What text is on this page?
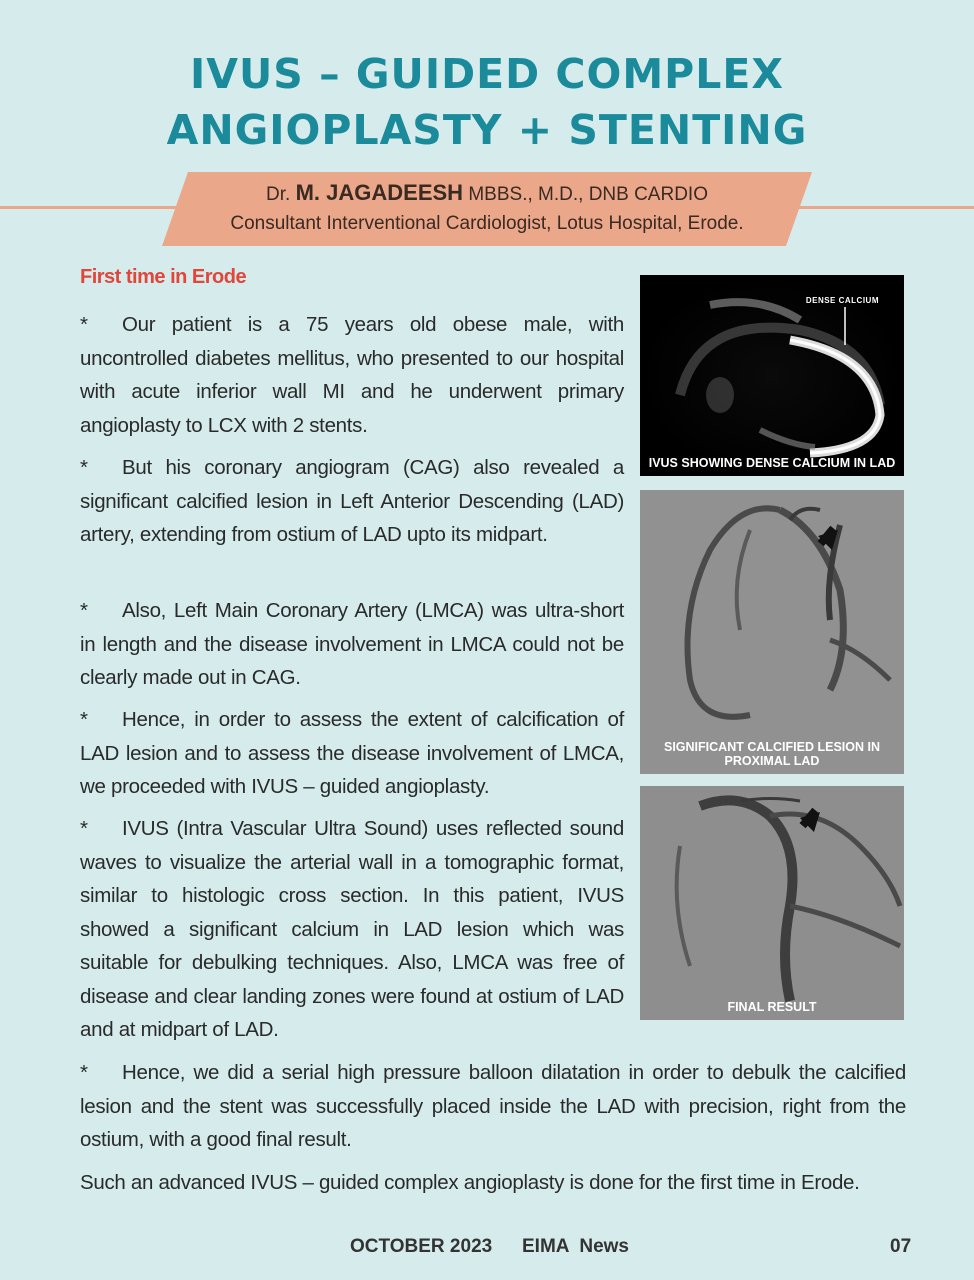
IVUS – GUIDED COMPLEX
ANGIOPLASTY + STENTING
Dr. M. JAGADEESH MBBS., M.D., DNB CARDIO
Consultant Interventional Cardiologist, Lotus Hospital, Erode.
First time in Erode
* Our patient is a 75 years old obese male, with uncontrolled diabetes mellitus, who presented to our hospital with acute inferior wall MI and he underwent primary angioplasty to LCX with 2 stents.
* But his coronary angiogram (CAG) also revealed a significant calcified lesion in Left Anterior Descending (LAD) artery, extending from ostium of LAD upto its midpart.
* Also, Left Main Coronary Artery (LMCA) was ultra-short in length and the disease involvement in LMCA could not be clearly made out in CAG.
* Hence, in order to assess the extent of calcification of LAD lesion and to assess the disease involvement of LMCA, we proceeded with IVUS – guided angioplasty.
* IVUS (Intra Vascular Ultra Sound) uses reflected sound waves to visualize the arterial wall in a tomographic format, similar to histologic cross section. In this patient, IVUS showed a significant calcium in LAD lesion which was suitable for debulking techniques. Also, LMCA was free of disease and clear landing zones were found at ostium of LAD and at midpart of LAD.
* Hence, we did a serial high pressure balloon dilatation in order to debulk the calcified lesion and the stent was successfully placed inside the LAD with precision, right from the ostium, with a good final result.
Such an advanced IVUS – guided complex angioplasty is done for the first time in Erode.
DENSE CALCIUM
IVUS SHOWING DENSE CALCIUM IN LAD
SIGNIFICANT CALCIFIED LESION IN PROXIMAL LAD
FINAL RESULT
OCTOBER 2023 EIMA  News	07
